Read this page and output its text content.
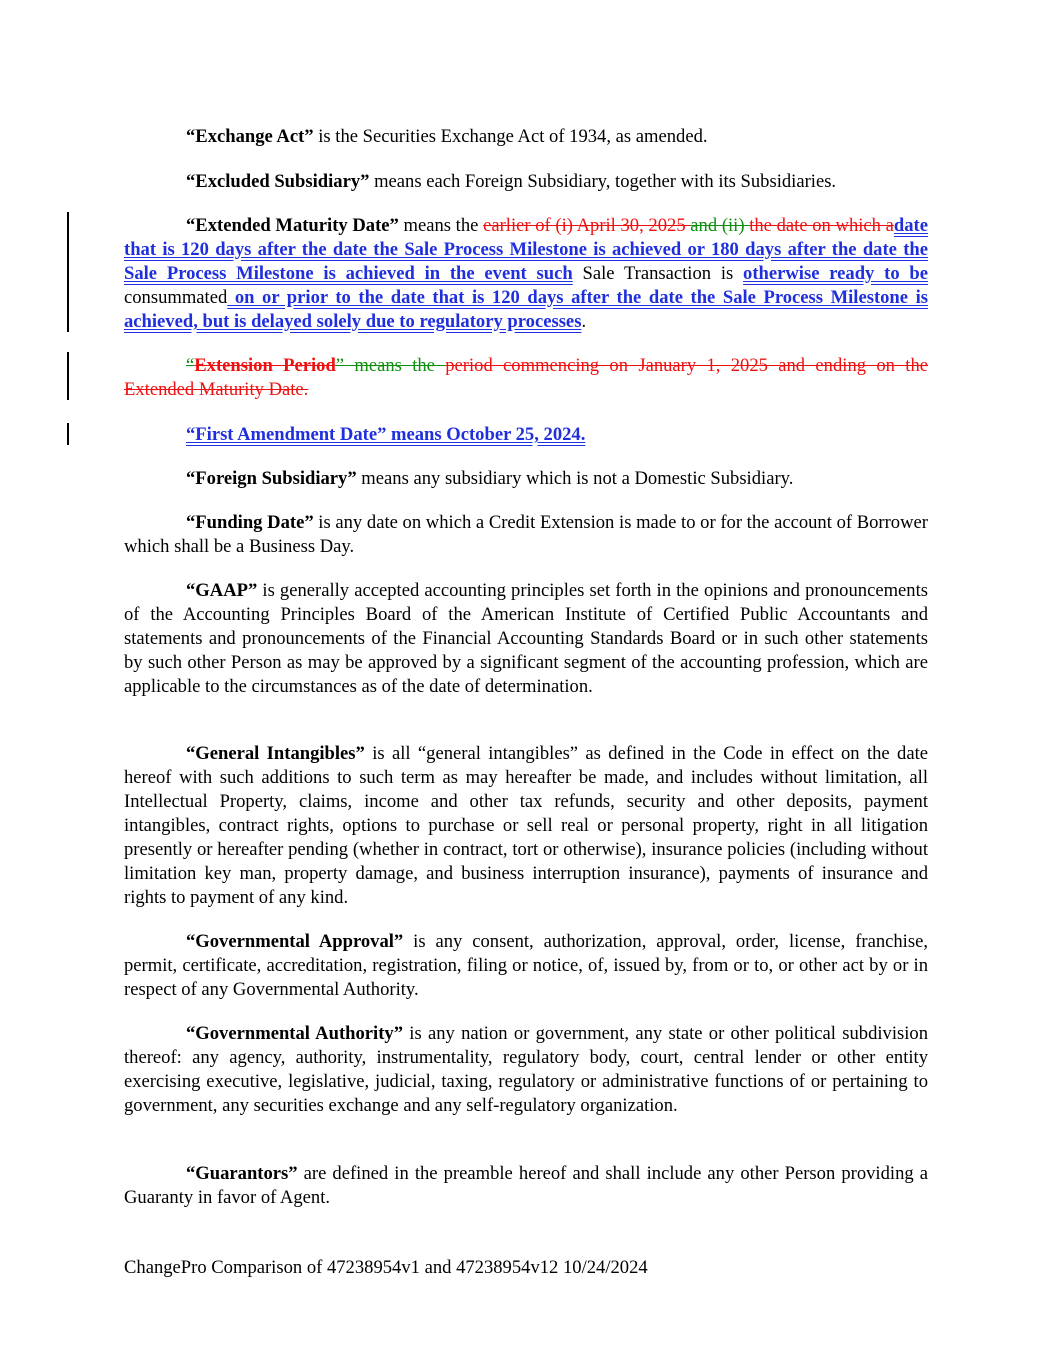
“Exchange Act” is the Securities Exchange Act of 1934, as amended.

“Excluded Subsidiary” means each Foreign Subsidiary, together with its Subsidiaries.

“Extended Maturity Date” means the earlier of (i) April 30, 2025 and (ii) the date on which adate that is 120 days after the date the Sale Process Milestone is achieved or 180 days after the date the Sale Process Milestone is achieved in the event such Sale Transaction is otherwise ready to be consummated on or prior to the date that is 120 days after the date the Sale Process Milestone is achieved, but is delayed solely due to regulatory processes.

“Extension Period” means the period commencing on January 1, 2025 and ending on the Extended Maturity Date.

“First Amendment Date” means October 25, 2024.

“Foreign Subsidiary” means any subsidiary which is not a Domestic Subsidiary.

“Funding Date” is any date on which a Credit Extension is made to or for the account of Borrower which shall be a Business Day.

“GAAP” is generally accepted accounting principles set forth in the opinions and pronouncements of the Accounting Principles Board of the American Institute of Certified Public Accountants and statements and pronouncements of the Financial Accounting Standards Board or in such other statements by such other Person as may be approved by a significant segment of the accounting profession, which are applicable to the circumstances as of the date of determination.

“General Intangibles” is all “general intangibles” as defined in the Code in effect on the date hereof with such additions to such term as may hereafter be made, and includes without limitation, all Intellectual Property, claims, income and other tax refunds, security and other deposits, payment intangibles, contract rights, options to purchase or sell real or personal property, right in all litigation presently or hereafter pending (whether in contract, tort or otherwise), insurance policies (including without limitation key man, property damage, and business interruption insurance), payments of insurance and rights to payment of any kind.

“Governmental Approval” is any consent, authorization, approval, order, license, franchise, permit, certificate, accreditation, registration, filing or notice, of, issued by, from or to, or other act by or in respect of any Governmental Authority.

“Governmental Authority” is any nation or government, any state or other political subdivision thereof: any agency, authority, instrumentality, regulatory body, court, central lender or other entity exercising executive, legislative, judicial, taxing, regulatory or administrative functions of or pertaining to government, any securities exchange and any self-regulatory organization.

“Guarantors” are defined in the preamble hereof and shall include any other Person providing a Guaranty in favor of Agent.

ChangePro Comparison of 47238954v1 and 47238954v12 10/24/2024
